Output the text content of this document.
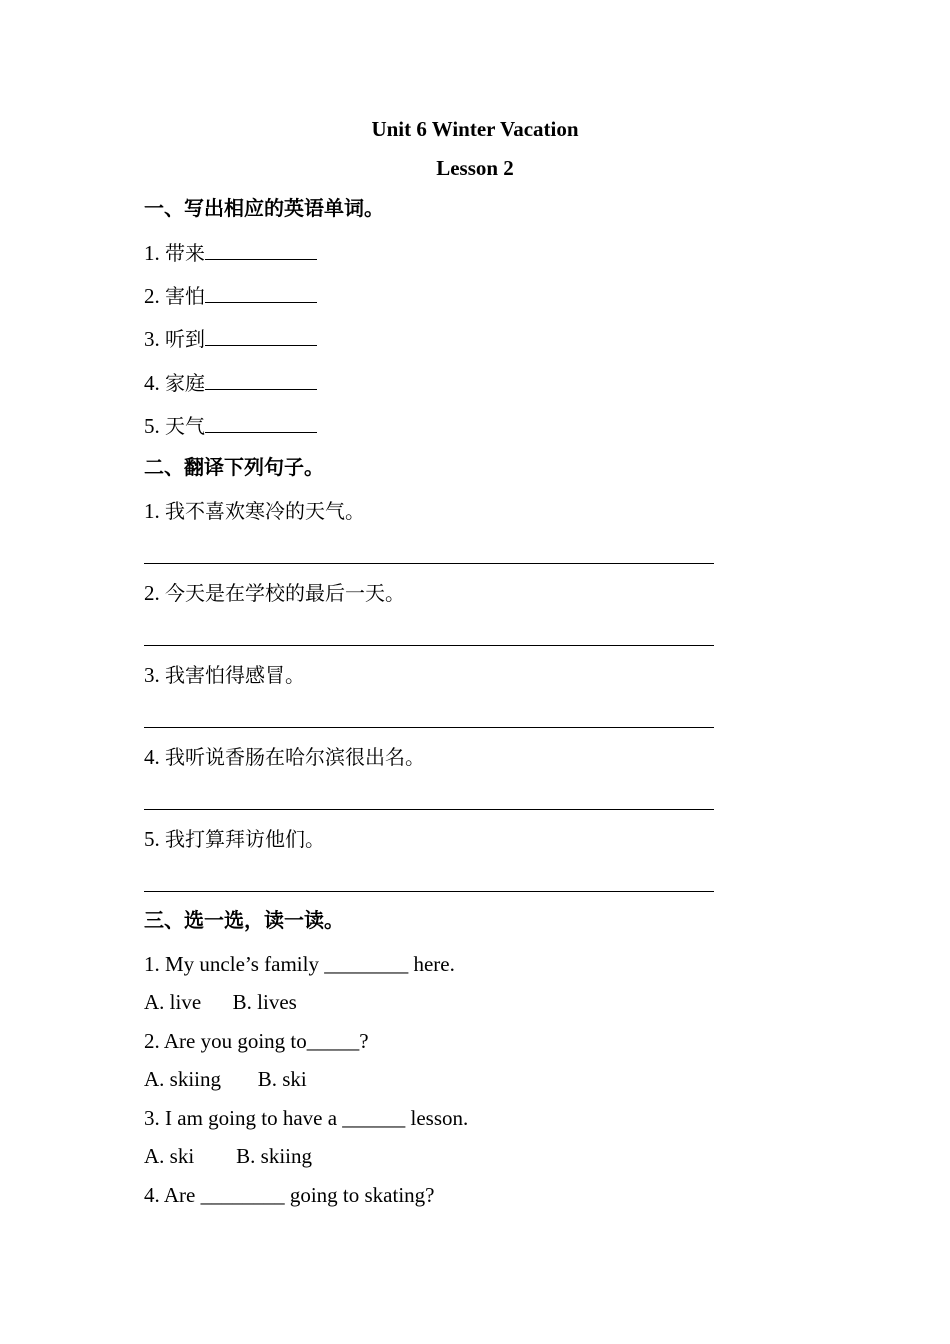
Unit 6 Winter Vacation
Lesson 2
一、写出相应的英语单词。
1. 带来
2. 害怕
3. 听到
4. 家庭
5. 天气
二、翻译下列句子。
1. 我不喜欢寒冷的天气。
2. 今天是在学校的最后一天。
3. 我害怕得感冒。
4. 我听说香肠在哈尔滨很出名。
5. 我打算拜访他们。
三、选一选，读一读。
1. My uncle’s family ________ here.
A. live      B. lives
2. Are you going to_____?
A. skiing       B. ski
3. I am going to have a ______ lesson.
A. ski        B. skiing
4. Are ________ going to skating?
